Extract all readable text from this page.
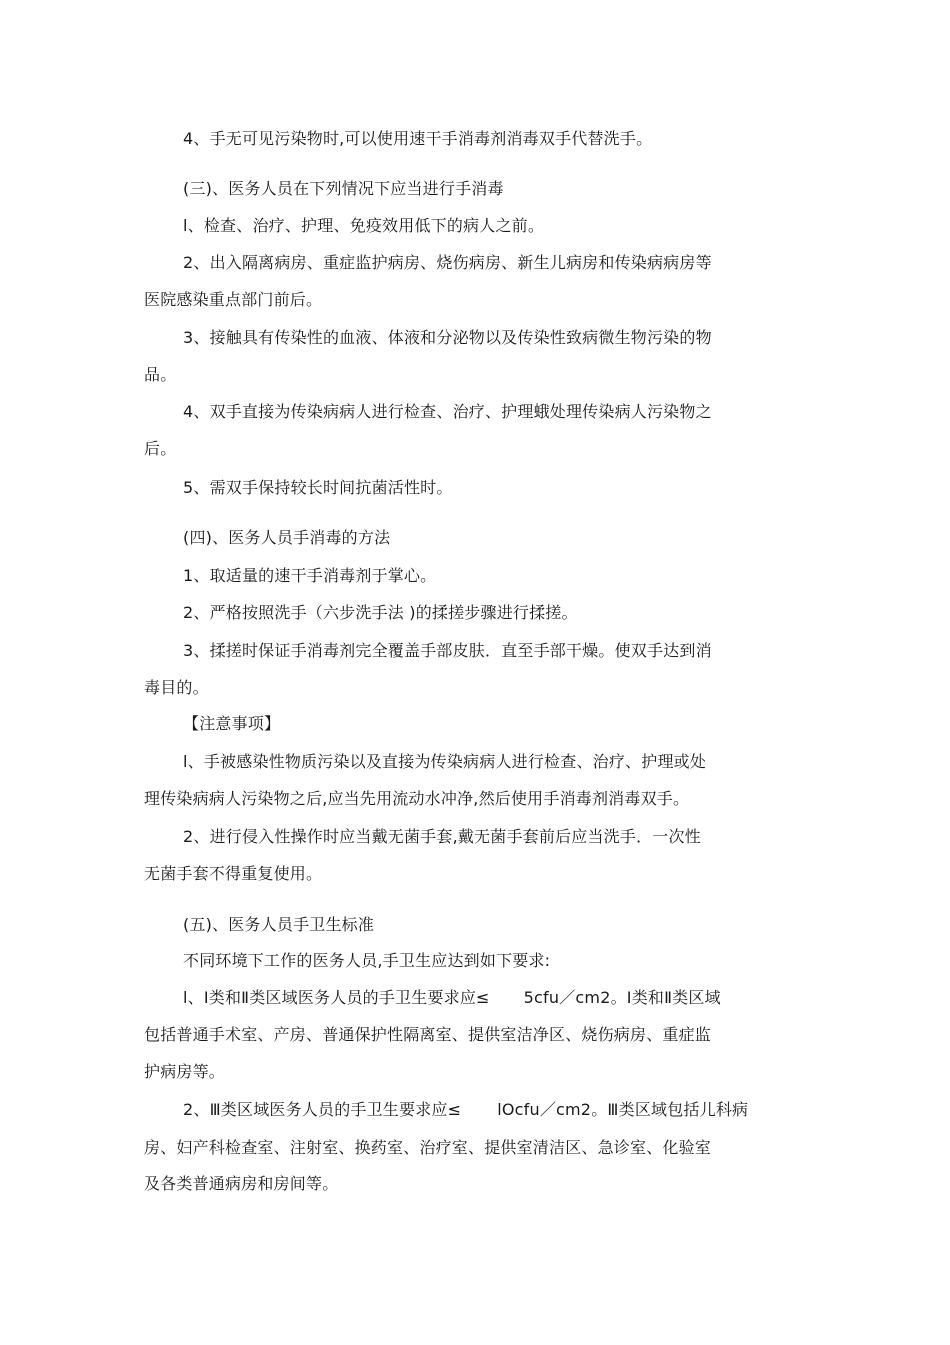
4、手无可见污染物时,可以使用速干手消毒剂消毒双手代替洗手。
(三)、医务人员在下列情况下应当进行手消毒
l、检查、治疗、护理、免疫效用低下的病人之前。
2、出入隔离病房、重症监护病房、烧伤病房、新生儿病房和传染病病房等
医院感染重点部门前后。
3、接触具有传染性的血液、体液和分泌物以及传染性致病微生物污染的物
品。
4、双手直接为传染病病人进行检查、治疗、护理蛾处理传染病人污染物之
后。
5、需双手保持较长时间抗菌活性时。
(四)、医务人员手消毒的方法
1、取适量的速干手消毒剂于掌心。
2、严格按照洗手（六步洗手法 )的揉搓步骤进行揉搓。
3、揉搓时保证手消毒剂完全覆盖手部皮肤．直至手部干燥。使双手达到消
毒目的。
【注意事项】
l、手被感染性物质污染以及直接为传染病病人进行检查、治疗、护理或处
理传染病病人污染物之后,应当先用流动水冲净,然后使用手消毒剂消毒双手。
2、进行侵入性操作时应当戴无菌手套,戴无菌手套前后应当洗手．一次性
无菌手套不得重复使用。
(五)、医务人员手卫生标准
不同环境下工作的医务人员,手卫生应达到如下要求:
l、Ⅰ类和Ⅱ类区域医务人员的手卫生要求应≤ 5cfu／cm2。Ⅰ类和Ⅱ类区域
包括普通手术室、产房、普通保护性隔离室、提供室洁净区、烧伤病房、重症监
护病房等。
2、Ⅲ类区域医务人员的手卫生要求应≤ lOcfu／cm2。Ⅲ类区域包括儿科病
房、妇产科检查室、注射室、换药室、治疗室、提供室清洁区、急诊室、化验室
及各类普通病房和房间等。
